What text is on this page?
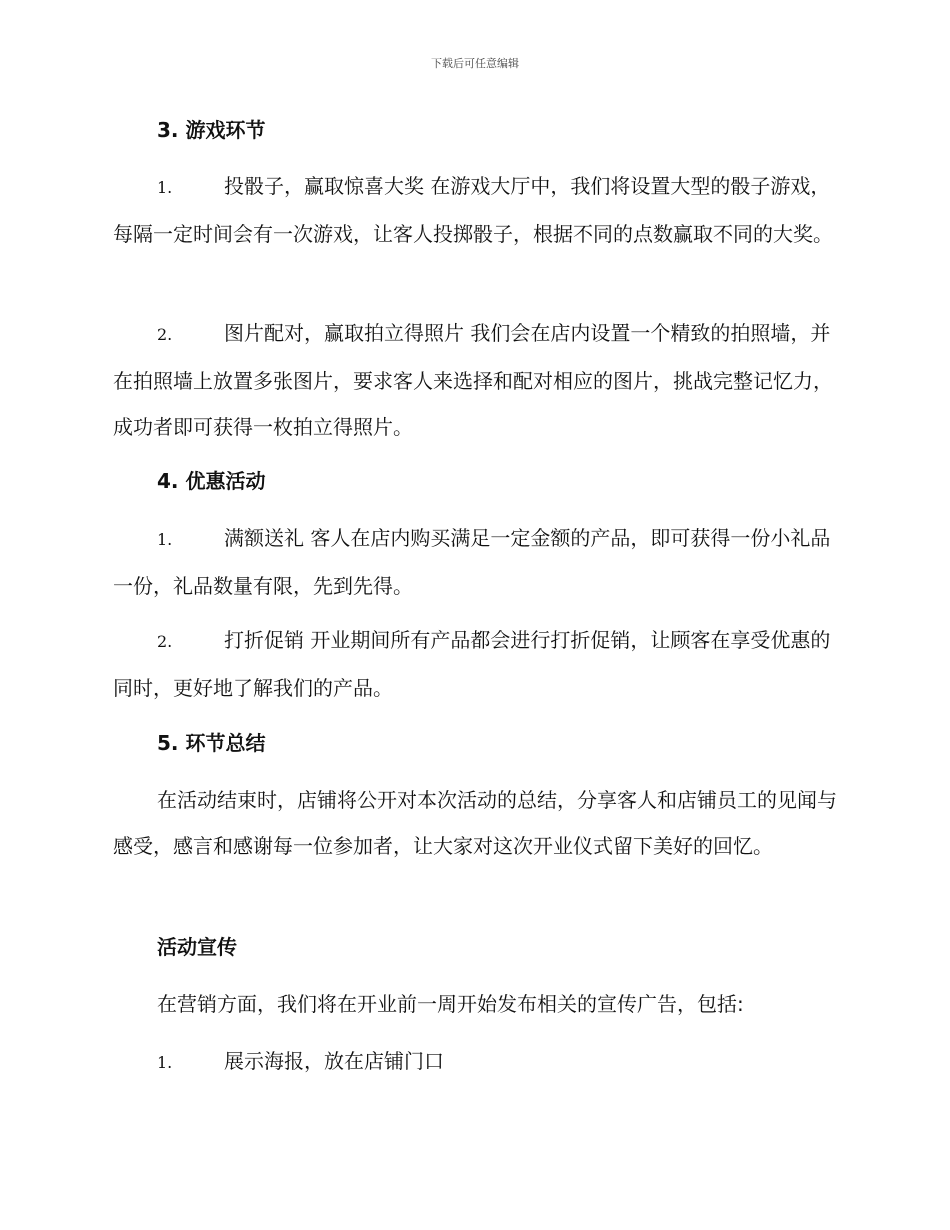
下载后可任意编辑
3. 游戏环节
1.	投骰子，赢取惊喜大奖 在游戏大厅中，我们将设置大型的骰子游戏，每隔一定时间会有一次游戏，让客人投掷骰子，根据不同的点数赢取不同的大奖。
2.	图片配对，赢取拍立得照片 我们会在店内设置一个精致的拍照墙，并在拍照墙上放置多张图片，要求客人来选择和配对相应的图片，挑战完整记忆力，成功者即可获得一枚拍立得照片。
4. 优惠活动
1.	满额送礼 客人在店内购买满足一定金额的产品，即可获得一份小礼品一份，礼品数量有限，先到先得。
2.	打折促销 开业期间所有产品都会进行打折促销，让顾客在享受优惠的同时，更好地了解我们的产品。
5. 环节总结
在活动结束时，店铺将公开对本次活动的总结，分享客人和店铺员工的见闻与感受，感言和感谢每一位参加者，让大家对这次开业仪式留下美好的回忆。
活动宣传
在营销方面，我们将在开业前一周开始发布相关的宣传广告，包括:
1.	展示海报，放在店铺门口
